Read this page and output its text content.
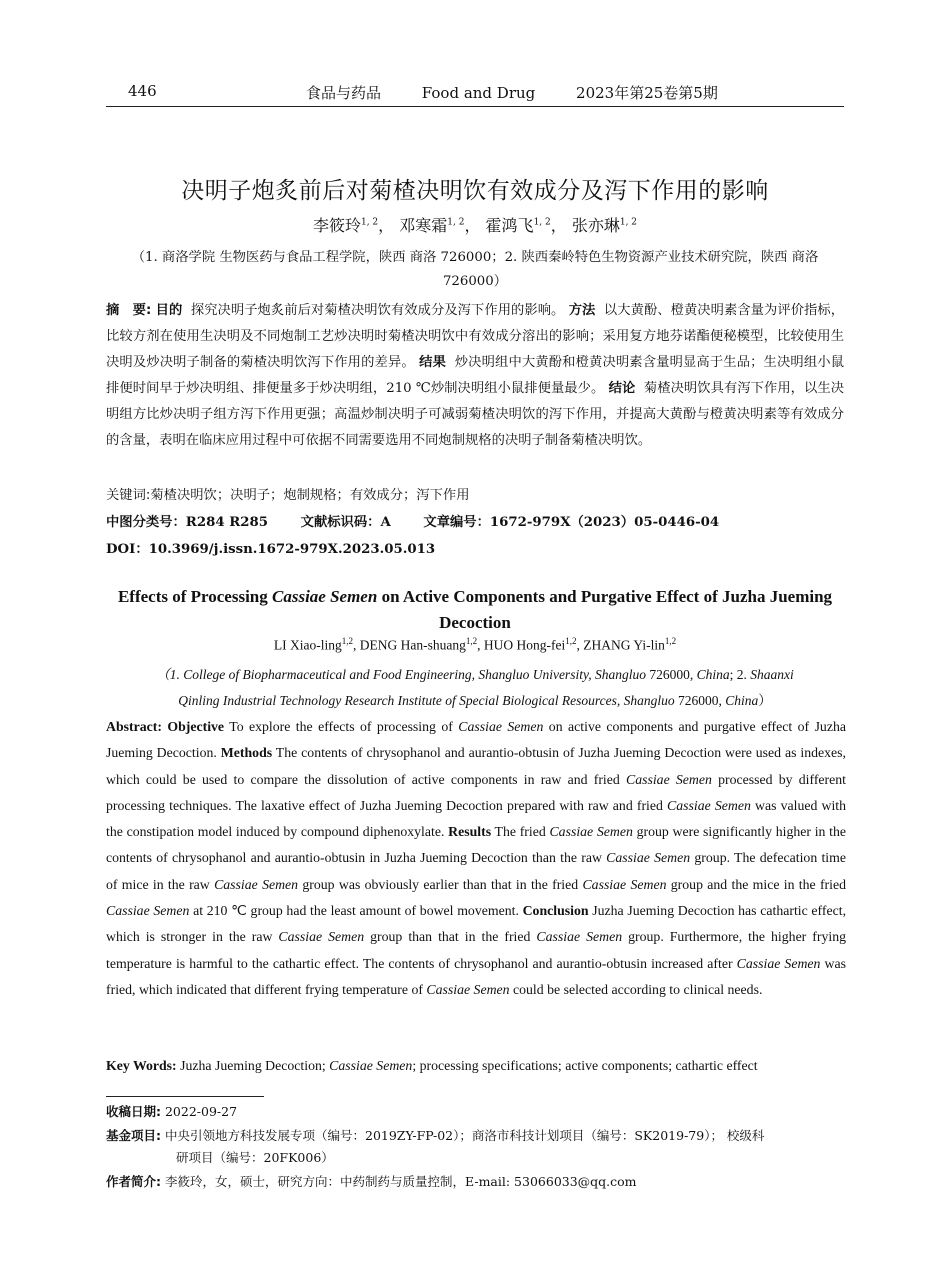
446	食品与药品	Food and Drug	2023年第25卷第5期
决明子炮炙前后对菊楂决明饮有效成分及泻下作用的影响
李筱玲$^{1, 2}$， 邓寒霜$^{1, 2}$， 霍鸿飞$^{1, 2}$， 张亦琳$^{1, 2}$
（1. 商洛学院 生物医药与食品工程学院，陕西 商洛 726000；2. 陕西秦岭特色生物资源产业技术研究院，陕西 商洛 726000）
摘　要: 目的 探究决明子炮炙前后对菊楂决明饮有效成分及泻下作用的影响。 方法 以大黄酚、橙黄决明素含量为评价指标，比较方剂在使用生决明及不同炮制工艺炒决明时菊楂决明饮中有效成分溶出的影响；采用复方地芬诺酯便秘模型，比较使用生决明及炒决明子制备的菊楂决明饮泻下作用的差异。 结果 炒决明组中大黄酚和橙黄决明素含量明显高于生品；生决明组小鼠排便时间早于炒决明组、排便量多于炒决明组，210 ℃炒制决明组小鼠排便量最少。 结论 菊楂决明饮具有泻下作用，以生决明组方比炒决明子组方泻下作用更强；高温炒制决明子可减弱菊楂决明饮的泻下作用，并提高大黄酚与橙黄决明素等有效成分的含量，表明在临床应用过程中可依据不同需要选用不同炮制规格的决明子制备菊楂决明饮。
关键词:菊楂决明饮；决明子；炮制规格；有效成分；泻下作用
中图分类号：R284 R285 文献标识码：A 文章编号：1672-979X（2023）05-0446-04
DOI：10.3969/j.issn.1672-979X.2023.05.013
Effects of Processing Cassiae Semen on Active Components and Purgative Effect of Juzha Jueming Decoction
LI Xiao-ling$^{1,2}$, DENG Han-shuang$^{1,2}$, HUO Hong-fei$^{1,2}$, ZHANG Yi-lin$^{1,2}$
（1. College of Biopharmaceutical and Food Engineering, Shangluo University, Shangluo 726000, China; 2. Shaanxi
Qinling Industrial Technology Research Institute of Special Biological Resources, Shangluo 726000, China）
Abstract: Objective To explore the effects of processing of Cassiae Semen on active components and purgative effect of Juzha Jueming Decoction. Methods The contents of chrysophanol and aurantio-obtusin of Juzha Jueming Decoction were used as indexes, which could be used to compare the dissolution of active components in raw and fried Cassiae Semen processed by different processing techniques. The laxative effect of Juzha Jueming Decoction prepared with raw and fried Cassiae Semen was valued with the constipation model induced by compound diphenoxylate. Results The fried Cassiae Semen group were significantly higher in the contents of chrysophanol and aurantio-obtusin in Juzha Jueming Decoction than the raw Cassiae Semen group. The defecation time of mice in the raw Cassiae Semen group was obviously earlier than that in the fried Cassiae Semen group and the mice in the fried Cassiae Semen at 210 ℃ group had the least amount of bowel movement. Conclusion Juzha Jueming Decoction has cathartic effect, which is stronger in the raw Cassiae Semen group than that in the fried Cassiae Semen group. Furthermore, the higher frying temperature is harmful to the cathartic effect. The contents of chrysophanol and aurantio-obtusin increased after Cassiae Semen was fried, which indicated that different frying temperature of Cassiae Semen could be selected according to clinical needs.
Key Words: Juzha Jueming Decoction; Cassiae Semen; processing specifications; active components; cathartic effect
收稿日期: 2022-09-27
基金项目: 中央引领地方科技发展专项（编号：2019ZY-FP-02）；商洛市科技计划项目（编号：SK2019-79）； 校级科
研项目（编号：20FK006）
作者简介: 李筱玲，女，硕士，研究方向：中药制药与质量控制，E-mail: 53066033@qq.com
